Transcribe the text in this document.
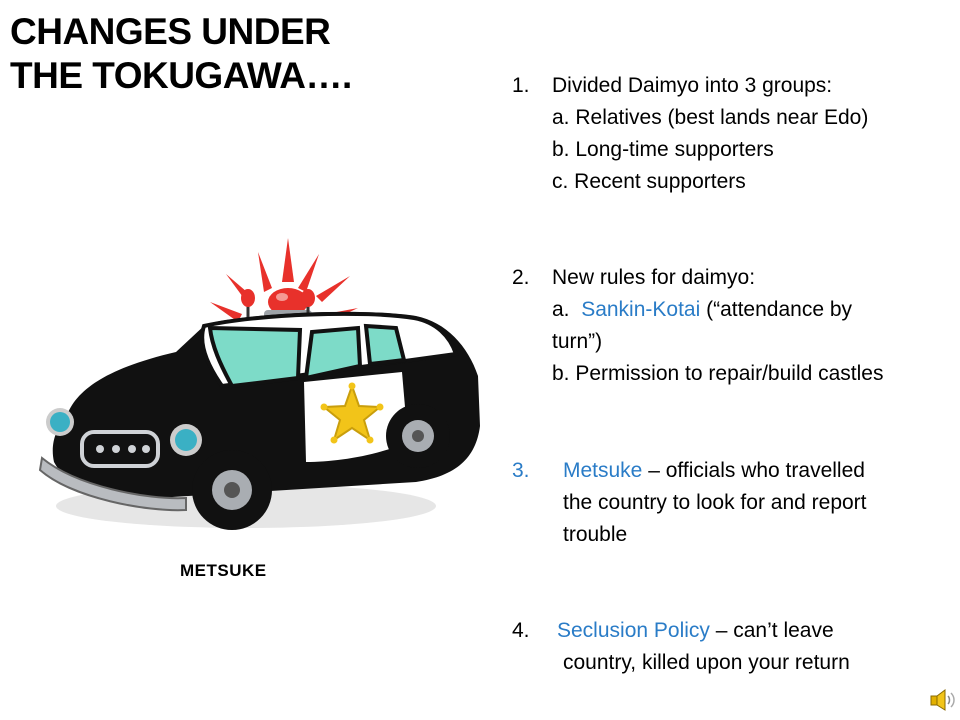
CHANGES UNDER
THE TOKUGAWA….	1. Divided Daimyo into 3 groups:
a. Relatives (best lands near Edo)
b. Long-time supporters
c. Recent supporters
2. New rules for daimyo:
a. Sankin-Kotai (“attendance by
turn”)
b. Permission to repair/build castles
3. Metsuke – officials who travelled
the country to look for and report
trouble
4. Seclusion Policy – can’t leave
country, killed upon your return
METSUKE
